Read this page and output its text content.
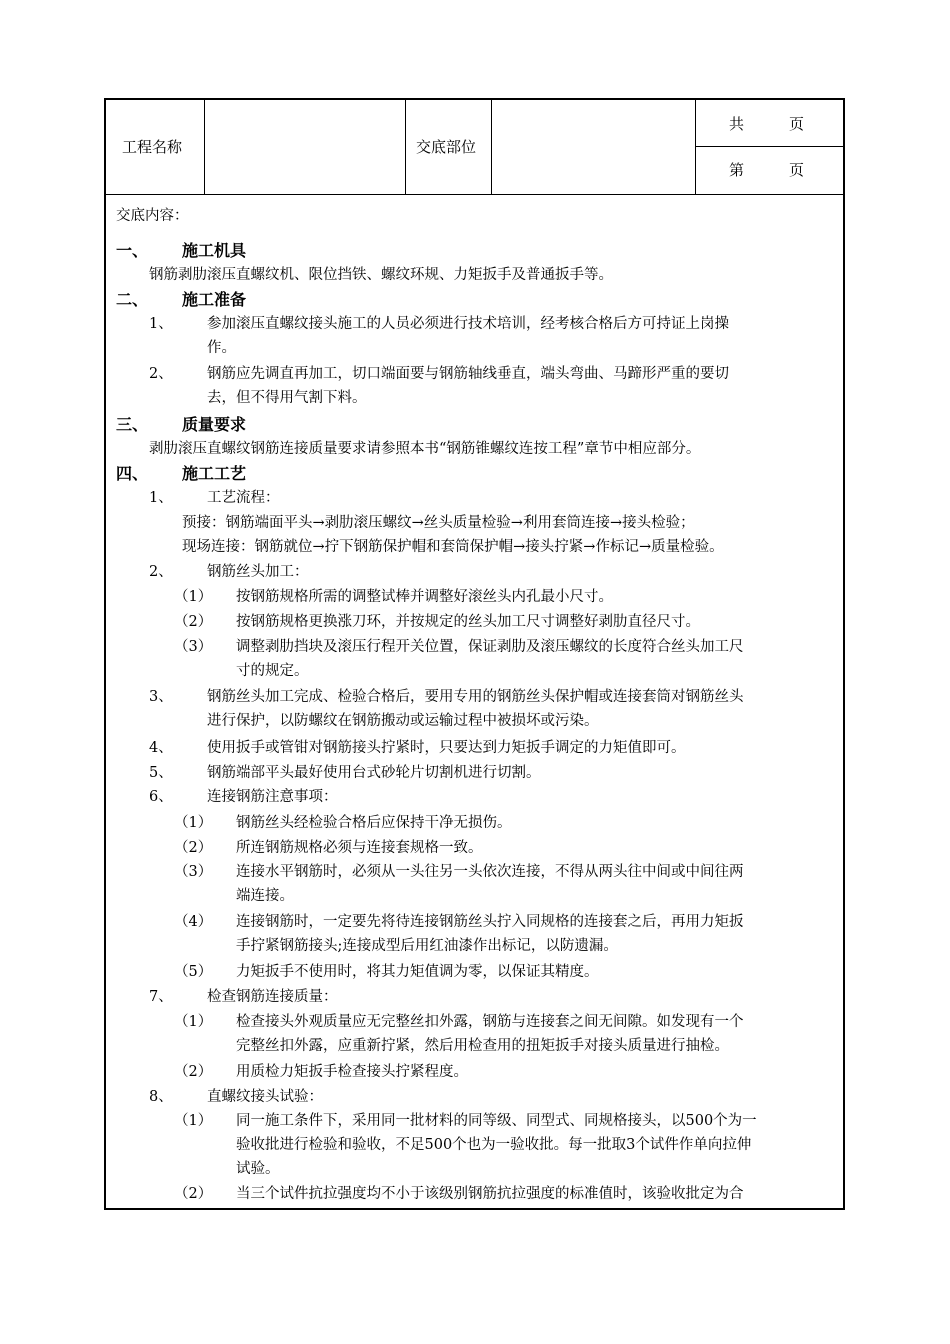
工程名称	交底部位
共　　　页
第　　　页
交底内容：
一、 施工机具
钢筋剥肋滚压直螺纹机、限位挡铁、螺纹环规、力矩扳手及普通扳手等。
二、 施工准备
1、 参加滚压直螺纹接头施工的人员必须进行技术培训，经考核合格后方可持证上岗操
作。
2、 钢筋应先调直再加工，切口端面要与钢筋轴线垂直，端头弯曲、马蹄形严重的要切
去，但不得用气割下料。
三、 质量要求
剥肋滚压直螺纹钢筋连接质量要求请参照本书“钢筋锥螺纹连按工程”章节中相应部分。
四、 施工工艺
1、 工艺流程：
预接：钢筋端面平头→剥肋滚压螺纹→丝头质量检验→利用套筒连接→接头检验；
现场连接：钢筋就位→拧下钢筋保护帽和套筒保护帽→接头拧紧→作标记→质量检验。
2、 钢筋丝头加工：
（1） 按钢筋规格所需的调整试棒并调整好滚丝头内孔最小尺寸。
（2） 按钢筋规格更换涨刀环，并按规定的丝头加工尺寸调整好剥肋直径尺寸。
（3） 调整剥肋挡块及滚压行程开关位置，保证剥肋及滚压螺纹的长度符合丝头加工尺
寸的规定。
3、 钢筋丝头加工完成、检验合格后，要用专用的钢筋丝头保护帽或连接套筒对钢筋丝头
进行保护，以防螺纹在钢筋搬动或运输过程中被损坏或污染。
4、 使用扳手或管钳对钢筋接头拧紧时，只要达到力矩扳手调定的力矩值即可。
5、 钢筋端部平头最好使用台式砂轮片切割机进行切割。
6、 连接钢筋注意事项：
（1） 钢筋丝头经检验合格后应保持干净无损伤。
（2） 所连钢筋规格必须与连接套规格一致。
（3） 连接水平钢筋时，必须从一头往另一头依次连接，不得从两头往中间或中间往两
端连接。
（4） 连接钢筋时，一定要先将待连接钢筋丝头拧入同规格的连接套之后，再用力矩扳
手拧紧钢筋接头;连接成型后用红油漆作出标记，以防遗漏。
（5） 力矩扳手不使用时，将其力矩值调为零，以保证其精度。
7、 检查钢筋连接质量：
（1） 检查接头外观质量应无完整丝扣外露，钢筋与连接套之间无间隙。如发现有一个
完整丝扣外露，应重新拧紧，然后用检查用的扭矩扳手对接头质量进行抽检。
（2） 用质检力矩扳手检查接头拧紧程度。
8、 直螺纹接头试验：
（1） 同一施工条件下，采用同一批材料的同等级、同型式、同规格接头，以500个为一
验收批进行检验和验收，不足500个也为一验收批。每一批取3个试件作单向拉伸
试验。
（2） 当三个试件抗拉强度均不小于该级别钢筋抗拉强度的标准值时，该验收批定为合
